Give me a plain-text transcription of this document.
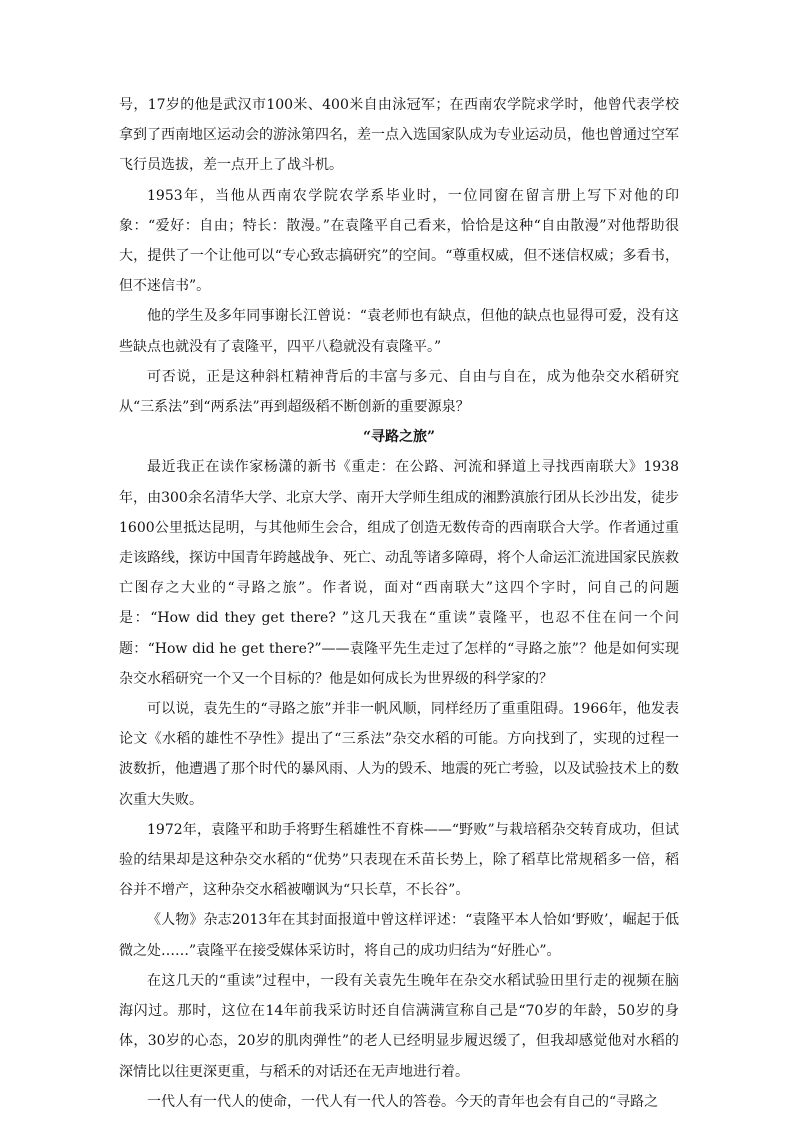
号，17岁的他是武汉市100米、400米自由泳冠军；在西南农学院求学时，他曾代表学校拿到了西南地区运动会的游泳第四名，差一点入选国家队成为专业运动员，他也曾通过空军飞行员选拔，差一点开上了战斗机。

1953年，当他从西南农学院农学系毕业时，一位同窗在留言册上写下对他的印象：“爱好：自由；特长：散漫。”在袁隆平自己看来，恰恰是这种“自由散漫”对他帮助很大，提供了一个让他可以“专心致志搞研究”的空间。“尊重权威，但不迷信权威；多看书，但不迷信书”。

他的学生及多年同事谢长江曾说：“袁老师也有缺点，但他的缺点也显得可爱，没有这些缺点也就没有了袁隆平，四平八稳就没有袁隆平。”

可否说，正是这种斜杠精神背后的丰富与多元、自由与自在，成为他杂交水稻研究从“三系法”到“两系法”再到超级稻不断创新的重要源泉？

“寻路之旅”

最近我正在读作家杨潇的新书《重走：在公路、河流和驿道上寻找西南联大》1938年，由300余名清华大学、北京大学、南开大学师生组成的湘黔滇旅行团从长沙出发，徒步1600公里抵达昆明，与其他师生会合，组成了创造无数传奇的西南联合大学。作者通过重走该路线，探访中国青年跨越战争、死亡、动乱等诸多障碍，将个人命运汇流进国家民族救亡图存之大业的“寻路之旅”。作者说，面对“西南联大”这四个字时，问自己的问题是：“How did they get there? ”这几天我在“重读”袁隆平，也忍不住在问一个问题：“How did he get there?”——袁隆平先生走过了怎样的“寻路之旅”？他是如何实现杂交水稻研究一个又一个目标的？他是如何成长为世界级的科学家的？

可以说，袁先生的“寻路之旅”并非一帆风顺，同样经历了重重阻碍。1966年，他发表论文《水稻的雄性不孕性》提出了“三系法”杂交水稻的可能。方向找到了，实现的过程一波数折，他遭遇了那个时代的暴风雨、人为的毁禾、地震的死亡考验，以及试验技术上的数次重大失败。

1972年，袁隆平和助手将野生稻雄性不育株——“野败”与栽培稻杂交转育成功，但试验的结果却是这种杂交水稻的“优势”只表现在禾苗长势上，除了稻草比常规稻多一倍，稻谷并不增产，这种杂交水稻被嘲讽为“只长草，不长谷”。

《人物》杂志2013年在其封面报道中曾这样评述：“袁隆平本人恰如‘野败’，崛起于低微之处……”袁隆平在接受媒体采访时，将自己的成功归结为“好胜心”。

在这几天的“重读”过程中，一段有关袁先生晚年在杂交水稻试验田里行走的视频在脑海闪过。那时，这位在14年前我采访时还自信满满宣称自己是“70岁的年龄，50岁的身体，30岁的心态，20岁的肌肉弹性”的老人已经明显步履迟缓了，但我却感觉他对水稻的深情比以往更深更重，与稻禾的对话还在无声地进行着。

一代人有一代人的使命，一代人有一代人的答卷。今天的青年也会有自己的“寻路之
